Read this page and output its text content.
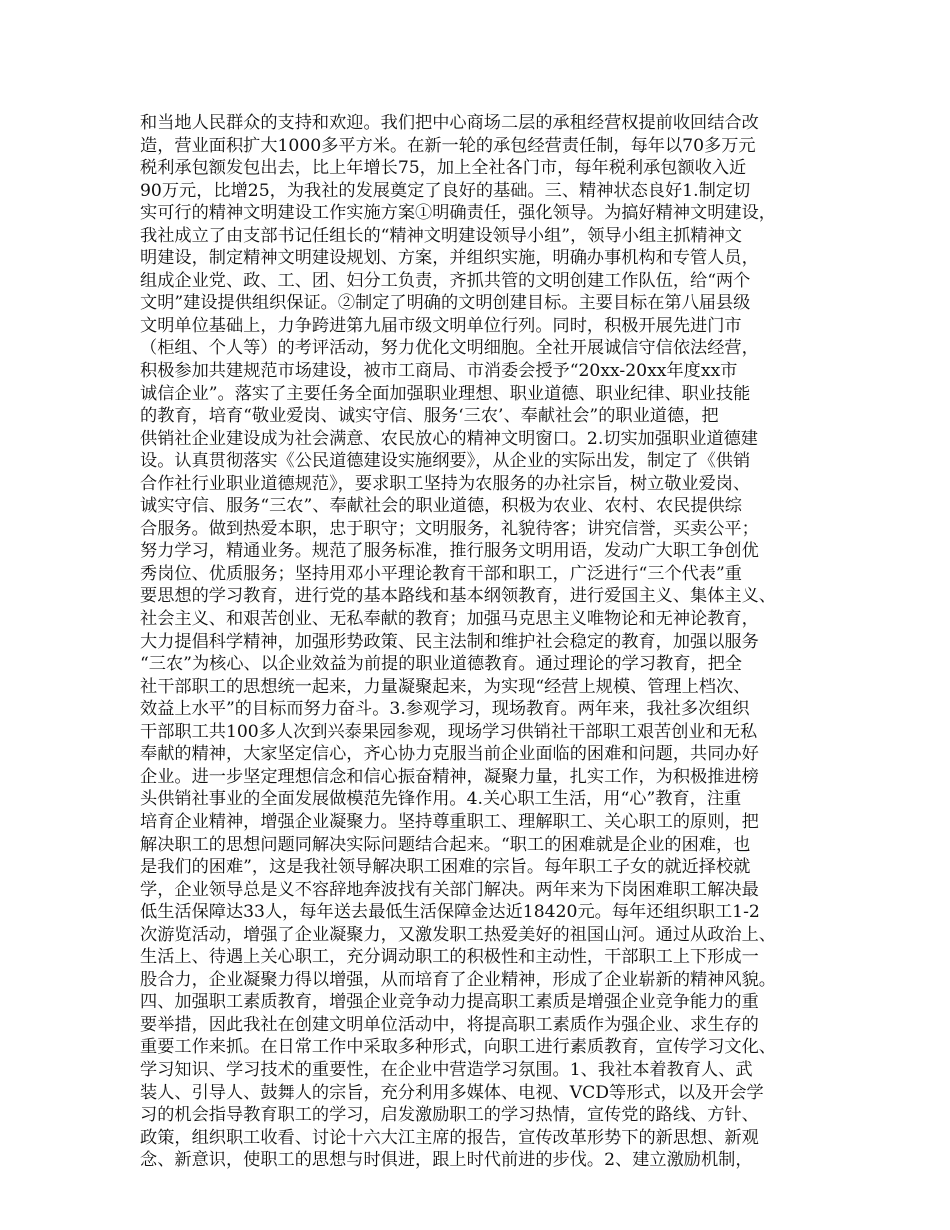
和当地人民群众的支持和欢迎。我们把中心商场二层的承租经营权提前收回结合改
造，营业面积扩大1000多平方米。在新一轮的承包经营责任制，每年以70多万元
税利承包额发包出去，比上年增长75，加上全社各门市，每年税利承包额收入近
90万元，比增25，为我社的发展奠定了良好的基础。三、精神状态良好1.制定切
实可行的精神文明建设工作实施方案①明确责任，强化领导。为搞好精神文明建设，
我社成立了由支部书记任组长的“精神文明建设领导小组”，领导小组主抓精神文
明建设，制定精神文明建设规划、方案，并组织实施，明确办事机构和专管人员，
组成企业党、政、工、团、妇分工负责，齐抓共管的文明创建工作队伍，给“两个
文明”建设提供组织保证。②制定了明确的文明创建目标。主要目标在第八届县级
文明单位基础上，力争跨进第九届市级文明单位行列。同时，积极开展先进门市
（柜组、个人等）的考评活动，努力优化文明细胞。全社开展诚信守信依法经营，
积极参加共建规范市场建设，被市工商局、市消委会授予“20xx-20xx年度xx市
诚信企业”。落实了主要任务全面加强职业理想、职业道德、职业纪律、职业技能
的教育，培育“敬业爱岗、诚实守信、服务‘三农’、奉献社会”的职业道德，把
供销社企业建设成为社会满意、农民放心的精神文明窗口。2.切实加强职业道德建
设。认真贯彻落实《公民道德建设实施纲要》，从企业的实际出发，制定了《供销
合作社行业职业道德规范》，要求职工坚持为农服务的办社宗旨，树立敬业爱岗、
诚实守信、服务“三农”、奉献社会的职业道德，积极为农业、农村、农民提供综
合服务。做到热爱本职，忠于职守；文明服务，礼貌待客；讲究信誉，买卖公平；
努力学习，精通业务。规范了服务标准，推行服务文明用语，发动广大职工争创优
秀岗位、优质服务；坚持用邓小平理论教育干部和职工，广泛进行“三个代表”重
要思想的学习教育，进行党的基本路线和基本纲领教育，进行爱国主义、集体主义、
社会主义、和艰苦创业、无私奉献的教育；加强马克思主义唯物论和无神论教育，
大力提倡科学精神，加强形势政策、民主法制和维护社会稳定的教育，加强以服务
“三农”为核心、以企业效益为前提的职业道德教育。通过理论的学习教育，把全
社干部职工的思想统一起来，力量凝聚起来，为实现“经营上规模、管理上档次、
效益上水平”的目标而努力奋斗。3.参观学习，现场教育。两年来，我社多次组织
干部职工共100多人次到兴泰果园参观，现场学习供销社干部职工艰苦创业和无私
奉献的精神，大家坚定信心，齐心协力克服当前企业面临的困难和问题，共同办好
企业。进一步坚定理想信念和信心振奋精神，凝聚力量，扎实工作，为积极推进榜
头供销社事业的全面发展做模范先锋作用。4.关心职工生活，用“心”教育，注重
培育企业精神，增强企业凝聚力。坚持尊重职工、理解职工、关心职工的原则，把
解决职工的思想问题同解决实际问题结合起来。“职工的困难就是企业的困难，也
是我们的困难”，这是我社领导解决职工困难的宗旨。每年职工子女的就近择校就
学，企业领导总是义不容辞地奔波找有关部门解决。两年来为下岗困难职工解决最
低生活保障达33人，每年送去最低生活保障金达近18420元。每年还组织职工1-2
次游览活动，增强了企业凝聚力，又激发职工热爱美好的祖国山河。通过从政治上、
生活上、待遇上关心职工，充分调动职工的积极性和主动性，干部职工上下形成一
股合力，企业凝聚力得以增强，从而培育了企业精神，形成了企业崭新的精神风貌。
四、加强职工素质教育，增强企业竞争动力提高职工素质是增强企业竞争能力的重
要举措，因此我社在创建文明单位活动中，将提高职工素质作为强企业、求生存的
重要工作来抓。在日常工作中采取多种形式，向职工进行素质教育，宣传学习文化、
学习知识、学习技术的重要性，在企业中营造学习氛围。1、我社本着教育人、武
装人、引导人、鼓舞人的宗旨，充分利用多媒体、电视、VCD等形式，以及开会学
习的机会指导教育职工的学习，启发激励职工的学习热情，宣传党的路线、方针、
政策，组织职工收看、讨论十六大江主席的报告，宣传改革形势下的新思想、新观
念、新意识，使职工的思想与时俱进，跟上时代前进的步伐。2、建立激励机制，
